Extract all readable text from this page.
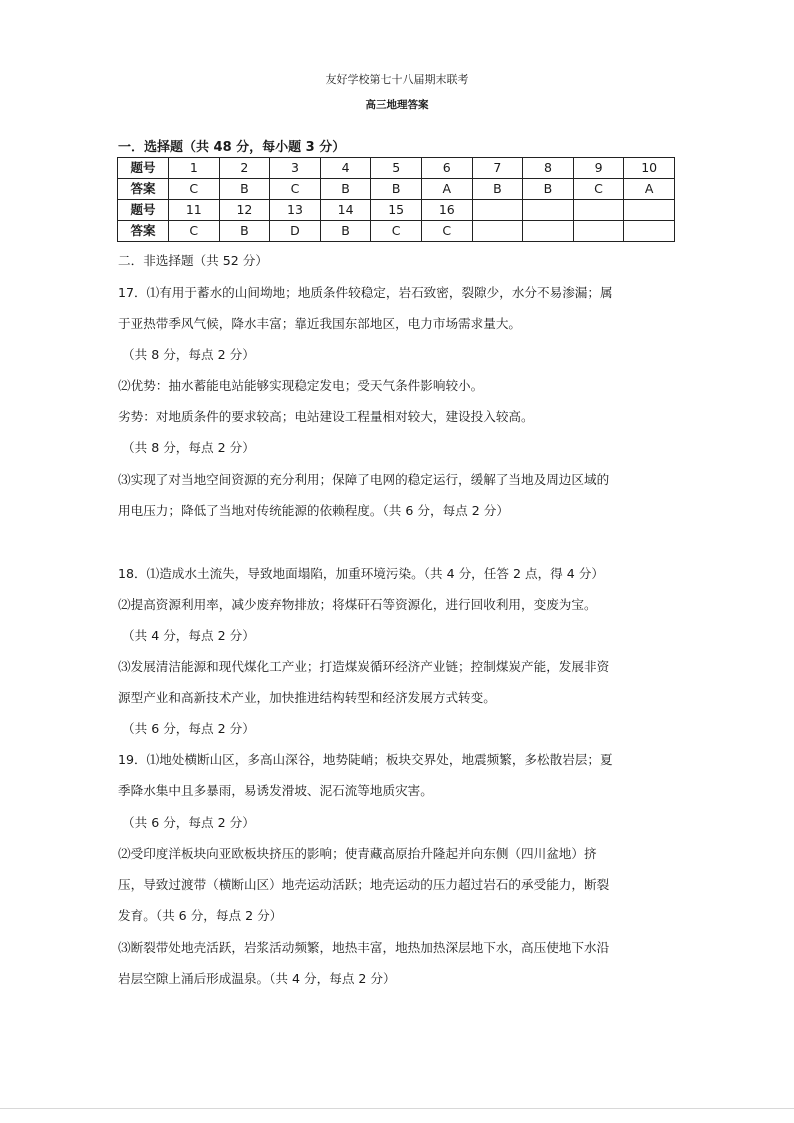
友好学校第七十八届期末联考
高三地理答案
一．选择题（共 48 分，每小题 3 分）
题号	1	2	3	4	5	6	7	8	9	10
答案	C	B	C	B	B	A	B	B	C	A
题号	11	12	13	14	15	16				
答案	C	B	D	B	C	C				
二．非选择题（共 52 分）
17．⑴有用于蓄水的山间坳地；地质条件较稳定，岩石致密，裂隙少，水分不易渗漏；属
于亚热带季风气候，降水丰富；靠近我国东部地区，电力市场需求量大。
（共 8 分，每点 2 分）
⑵优势：抽水蓄能电站能够实现稳定发电；受天气条件影响较小。
劣势：对地质条件的要求较高；电站建设工程量相对较大，建设投入较高。
（共 8 分，每点 2 分）
⑶实现了对当地空间资源的充分利用；保障了电网的稳定运行，缓解了当地及周边区域的
用电压力；降低了当地对传统能源的依赖程度。（共 6 分，每点 2 分）
18．⑴造成水土流失，导致地面塌陷，加重环境污染。（共 4 分，任答 2 点，得 4 分）
⑵提高资源利用率，减少废弃物排放；将煤矸石等资源化，进行回收利用，变废为宝。
（共 4 分，每点 2 分）
⑶发展清洁能源和现代煤化工产业；打造煤炭循环经济产业链；控制煤炭产能，发展非资
源型产业和高新技术产业，加快推进结构转型和经济发展方式转变。
（共 6 分，每点 2 分）
19．⑴地处横断山区，多高山深谷，地势陡峭；板块交界处，地震频繁，多松散岩层；夏
季降水集中且多暴雨，易诱发滑坡、泥石流等地质灾害。
（共 6 分，每点 2 分）
⑵受印度洋板块向亚欧板块挤压的影响；使青藏高原抬升隆起并向东侧（四川盆地）挤
压，导致过渡带（横断山区）地壳运动活跃；地壳运动的压力超过岩石的承受能力，断裂
发育。（共 6 分，每点 2 分）
⑶断裂带处地壳活跃，岩浆活动频繁，地热丰富，地热加热深层地下水，高压使地下水沿
岩层空隙上涌后形成温泉。（共 4 分，每点 2 分）
